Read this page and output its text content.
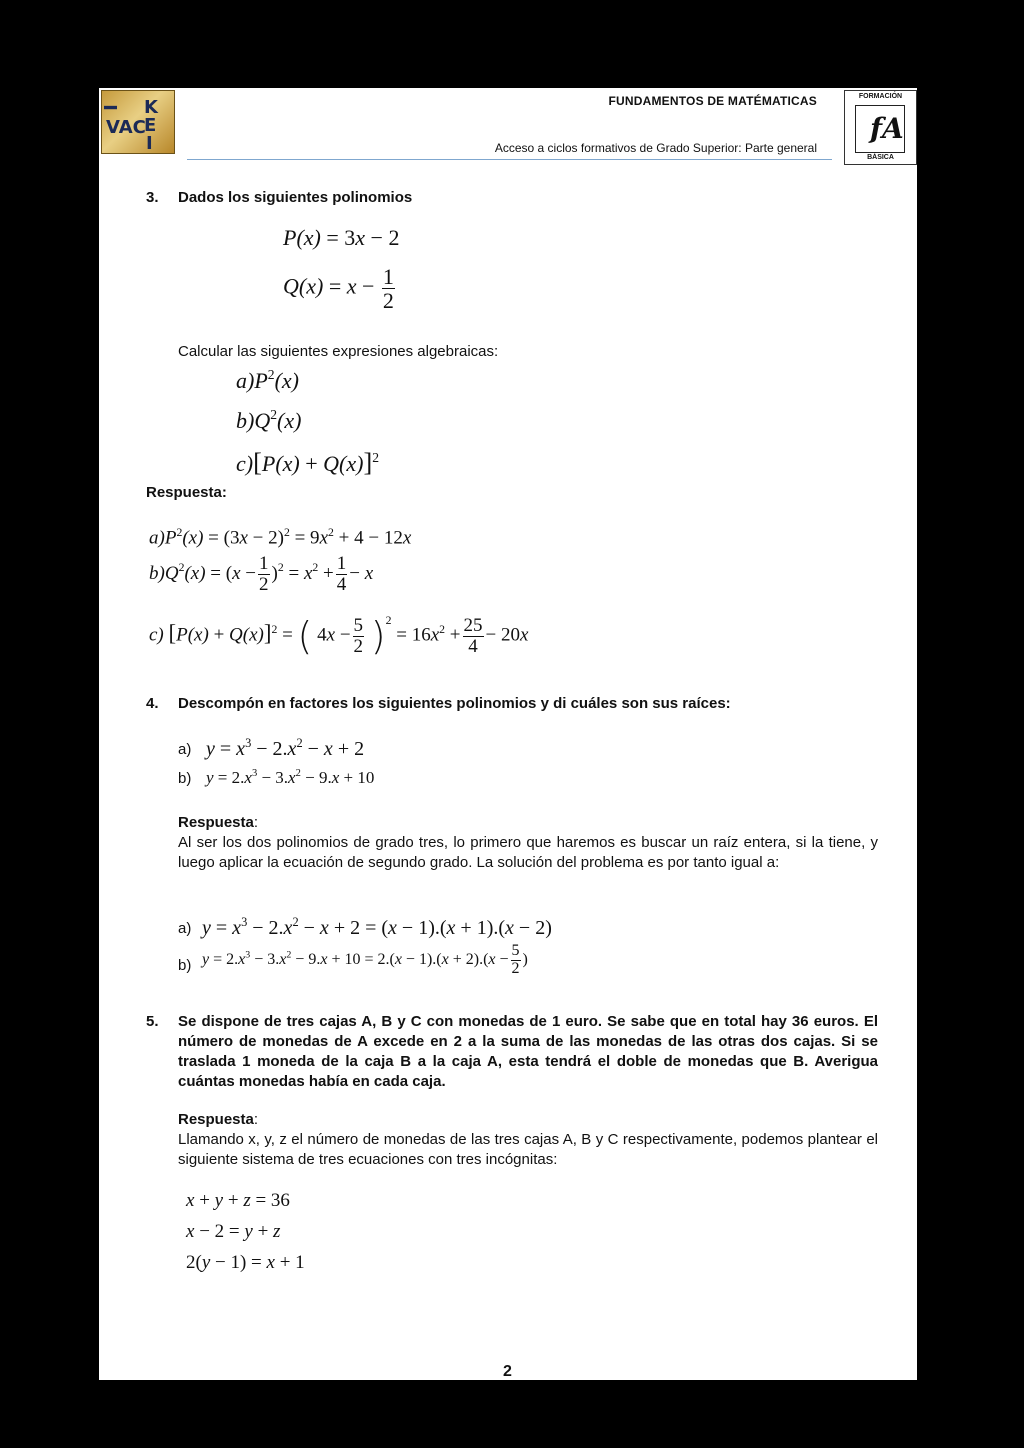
I
VAC
K
E
I
FUNDAMENTOS DE MATÉMATICAS
Acceso a ciclos formativos de Grado Superior: Parte general
FORMACIÓN
fA
BÁSICA
3.	Dados los siguientes polinomios
P(x) = 3x − 2
$Q(x) = x - \frac{1}{2}$
Calcular las siguientes expresiones algebraicas:
$a)P^2(x)$
$b)Q^2(x)$
$c)[P(x) + Q(x)]^2$
Respuesta:
$a)P^2(x) = (3x - 2)^2 = 9x^2 + 4 - 12x$
$b)Q^2(x) = (x - \frac{1}{2} )^2 = x^2 + \frac{1}{4} - x$
c) $[P(x) + Q(x)]^2$ = ( $4x - \frac{5}{2} )^2 = 16x^2 + \frac{25}{4} - 20x$
4.	Descompón en factores los siguientes polinomios y di cuáles son sus raíces:
a) $y = x^3 - 2.x^2 - x + 2$
b) $y = 2.x^3 - 3.x^2 - 9.x + 10$
Respuesta:
Al ser los dos polinomios de grado tres, lo primero que haremos es buscar un raíz entera, si la tiene, y luego aplicar la ecuación de segundo grado. La solución del problema es por tanto igual a:
a) $y = x^3 - 2.x^2 - x + 2 = (x - 1).(x + 1).(x - 2)$
b) $y = 2.x^3 - 3.x^2 - 9.x + 10 = 2.(x - 1).(x + 2).(x - \frac{5}{2}$ )
5.	Se dispone de tres cajas A, B y C con monedas de 1 euro. Se sabe que en total hay 36 euros. El número de monedas de A excede en 2 a la suma de las monedas de las otras dos cajas. Si se traslada 1 moneda de la caja B a la caja A, esta tendrá el doble de monedas que B. Averigua cuántas monedas había en cada caja.
Respuesta:
Llamando x, y, z el número de monedas de las tres cajas A, B y C respectivamente, podemos plantear el siguiente sistema de tres ecuaciones con tres incógnitas:
x + y + z = 36
x − 2 = y + z
2(y − 1) = x + 1
2
